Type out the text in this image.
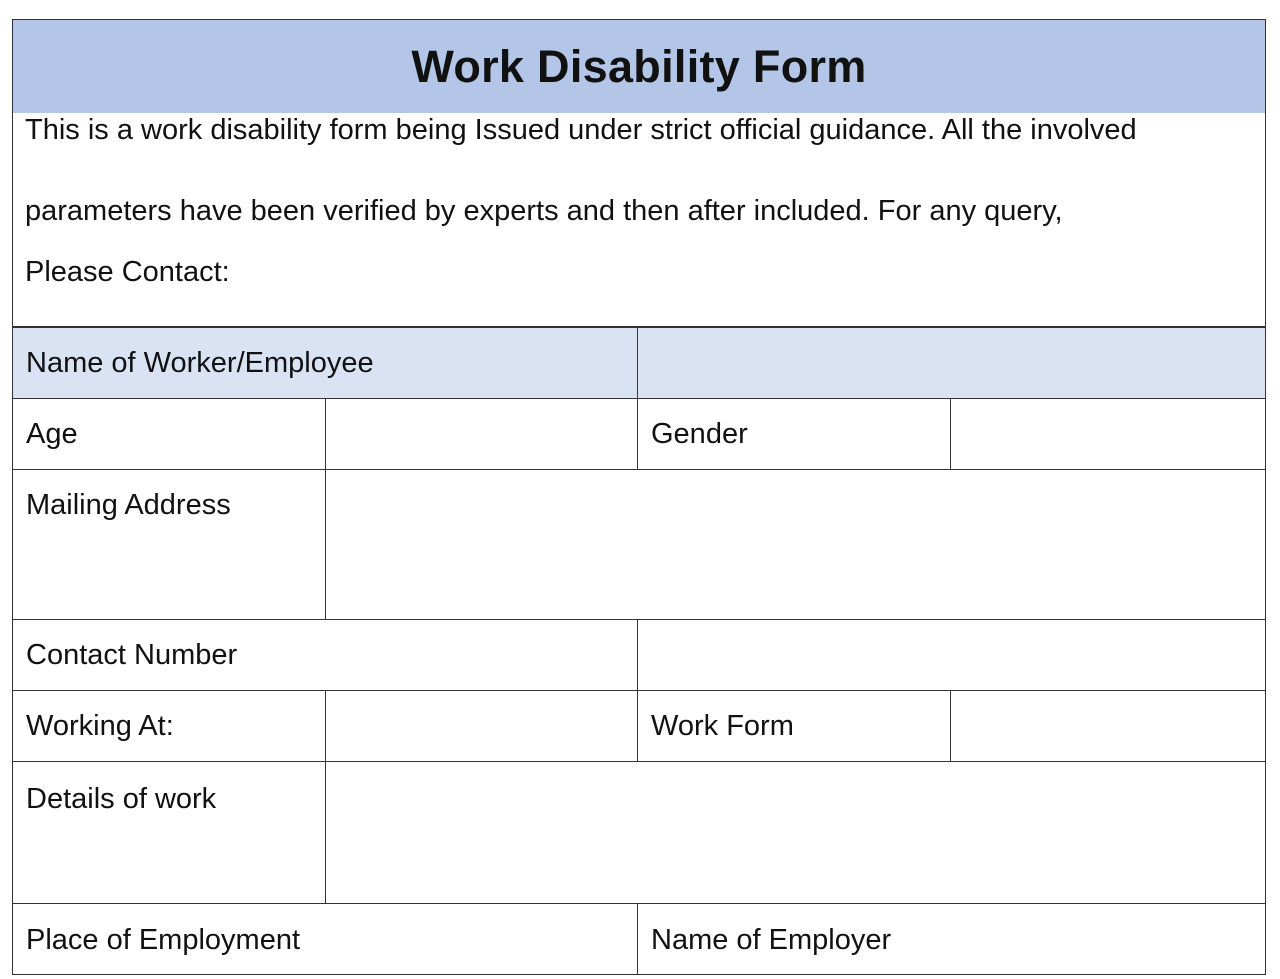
Work Disability Form

This is a work disability form being Issued under strict official guidance. All the involved

parameters have been verified by experts and then after included. For any query,

Please Contact:

Name of Worker/Employee
Age	Gender
Mailing Address
Contact Number
Working At:	Work Form
Details of work
Place of Employment	Name of Employer
